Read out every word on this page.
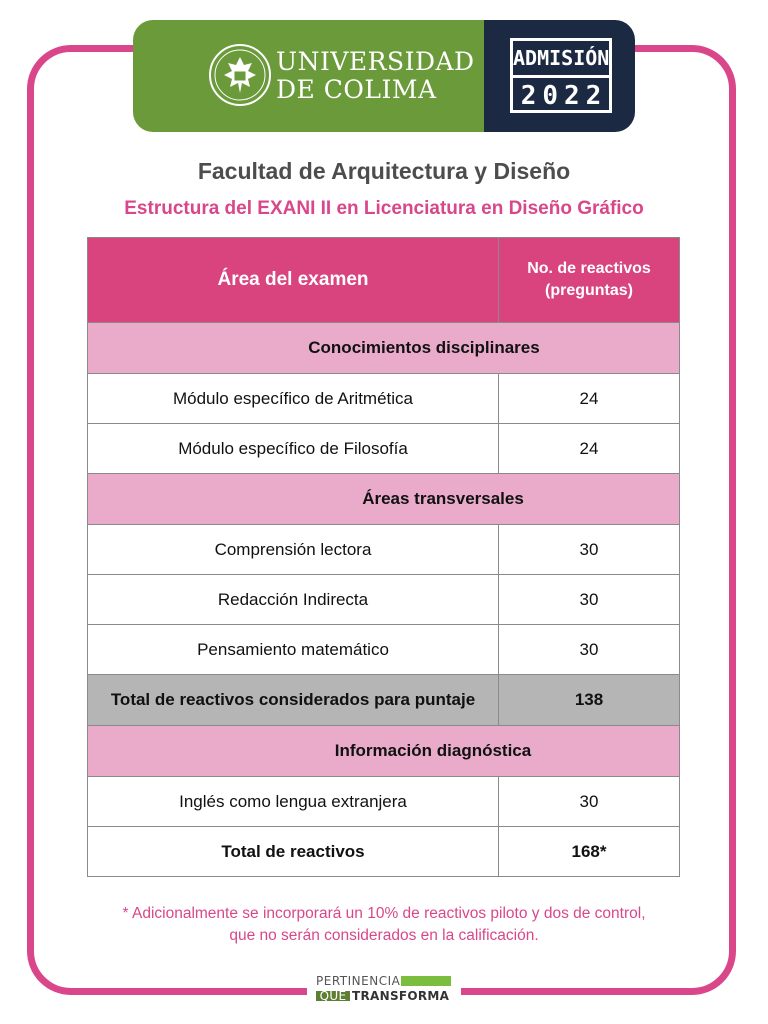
UNIVERSIDAD
DE COLIMA
ADMISIÓN
2022
Facultad de Arquitectura y Diseño
Estructura del EXANI II en Licenciatura en Diseño Gráfico
Área del examen	No. de reactivos
(preguntas)

Conocimientos disciplinares	
Módulo específico de Aritmética	24
Módulo específico de Filosofía	24
Áreas transversales	
Comprensión lectora	30
Redacción Indirecta	30
Pensamiento matemático	30
Total de reactivos considerados para puntaje	138
Información diagnóstica	
Inglés como lengua extranjera	30
Total de reactivos	168*
* Adicionalmente se incorporará un 10% de reactivos piloto y dos de control,
que no serán considerados en la calificación.
PERTINENCIA
QUE TRANSFORMA
